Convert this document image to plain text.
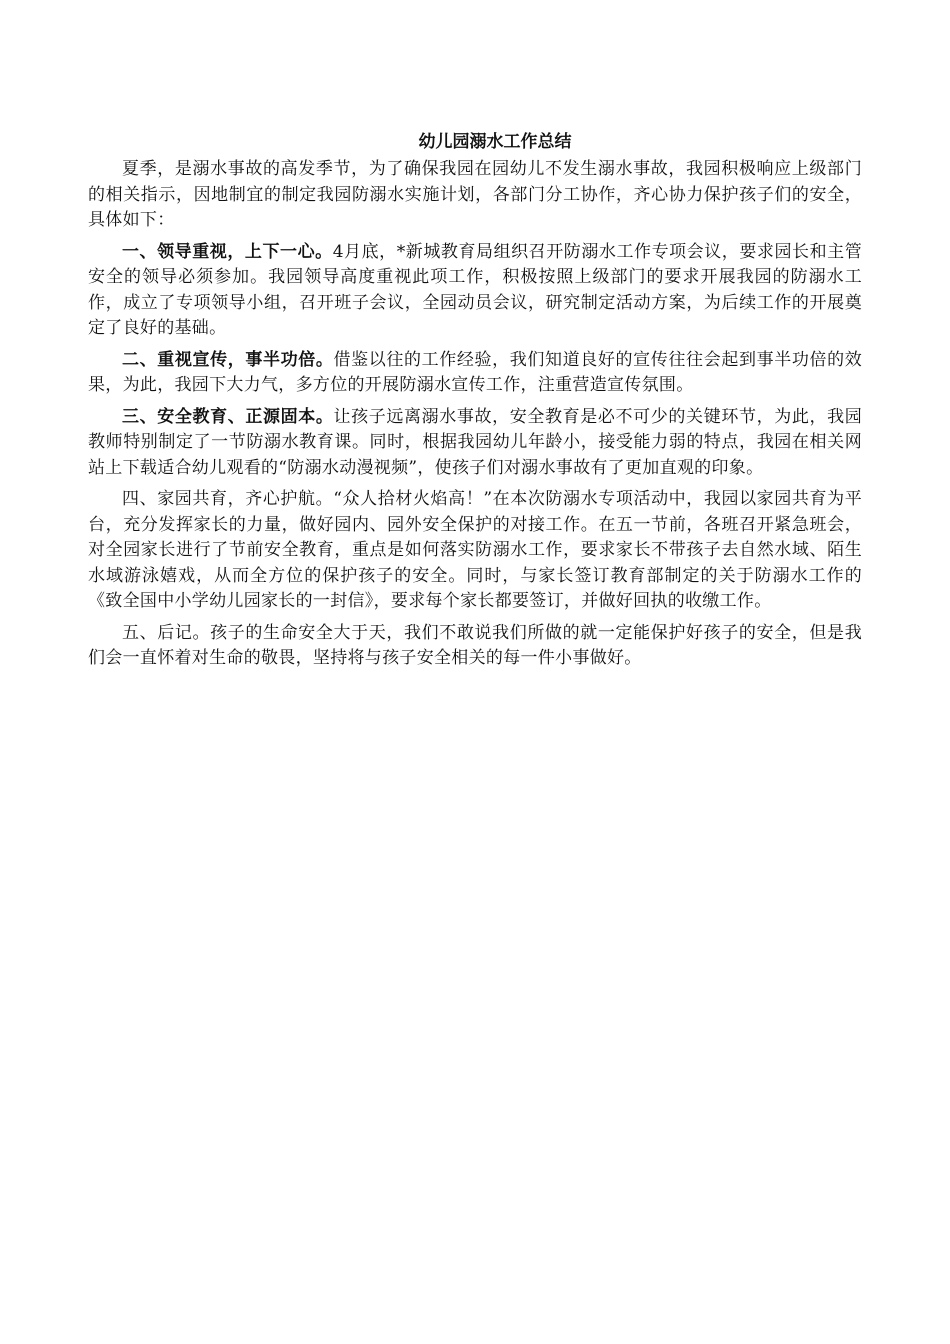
幼儿园溺水工作总结

夏季，是溺水事故的高发季节，为了确保我园在园幼儿不发生溺水事故，我园积极响应上级部门的相关指示，因地制宜的制定我园防溺水实施计划，各部门分工协作，齐心协力保护孩子们的安全，具体如下：

一、领导重视，上下一心。4月底，*新城教育局组织召开防溺水工作专项会议，要求园长和主管安全的领导必须参加。我园领导高度重视此项工作，积极按照上级部门的要求开展我园的防溺水工作，成立了专项领导小组，召开班子会议，全园动员会议，研究制定活动方案，为后续工作的开展奠定了良好的基础。

二、重视宣传，事半功倍。借鉴以往的工作经验，我们知道良好的宣传往往会起到事半功倍的效果，为此，我园下大力气，多方位的开展防溺水宣传工作，注重营造宣传氛围。

三、安全教育、正源固本。让孩子远离溺水事故，安全教育是必不可少的关键环节，为此，我园教师特别制定了一节防溺水教育课。同时，根据我园幼儿年龄小，接受能力弱的特点，我园在相关网站上下载适合幼儿观看的“防溺水动漫视频”，使孩子们对溺水事故有了更加直观的印象。

四、家园共育，齐心护航。“众人拾材火焰高！”在本次防溺水专项活动中，我园以家园共育为平台，充分发挥家长的力量，做好园内、园外安全保护的对接工作。在五一节前，各班召开紧急班会，对全园家长进行了节前安全教育，重点是如何落实防溺水工作，要求家长不带孩子去自然水域、陌生水域游泳嬉戏，从而全方位的保护孩子的安全。同时，与家长签订教育部制定的关于防溺水工作的《致全国中小学幼儿园家长的一封信》，要求每个家长都要签订，并做好回执的收缴工作。

五、后记。孩子的生命安全大于天，我们不敢说我们所做的就一定能保护好孩子的安全，但是我们会一直怀着对生命的敬畏，坚持将与孩子安全相关的每一件小事做好。
